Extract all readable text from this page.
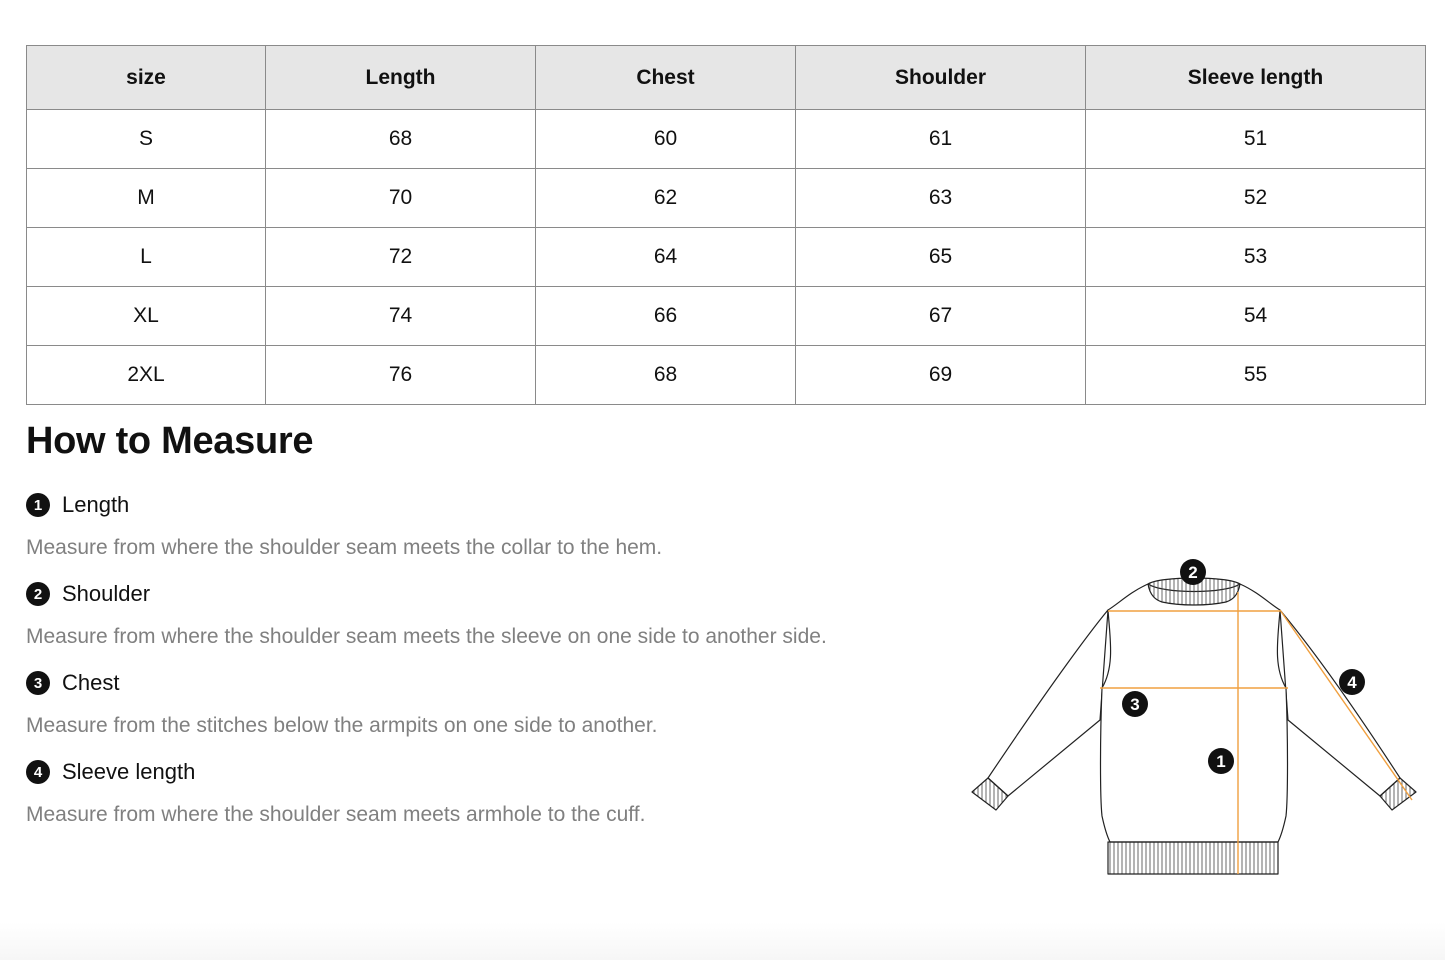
size	Length	Chest	Shoulder	Sleeve length
S	68	60	61	51
M	70	62	63	52
L	72	64	65	53
XL	74	66	67	54
2XL	76	68	69	55
How to Measure
1 Length
Measure from where the shoulder seam meets the collar to the hem.
2 Shoulder
Measure from where the shoulder seam meets the sleeve on one side to another side.
3 Chest
Measure from the stitches below the armpits on one side to another.
4 Sleeve length
Measure from where the shoulder seam meets armhole to the cuff.
2
4
3
1
